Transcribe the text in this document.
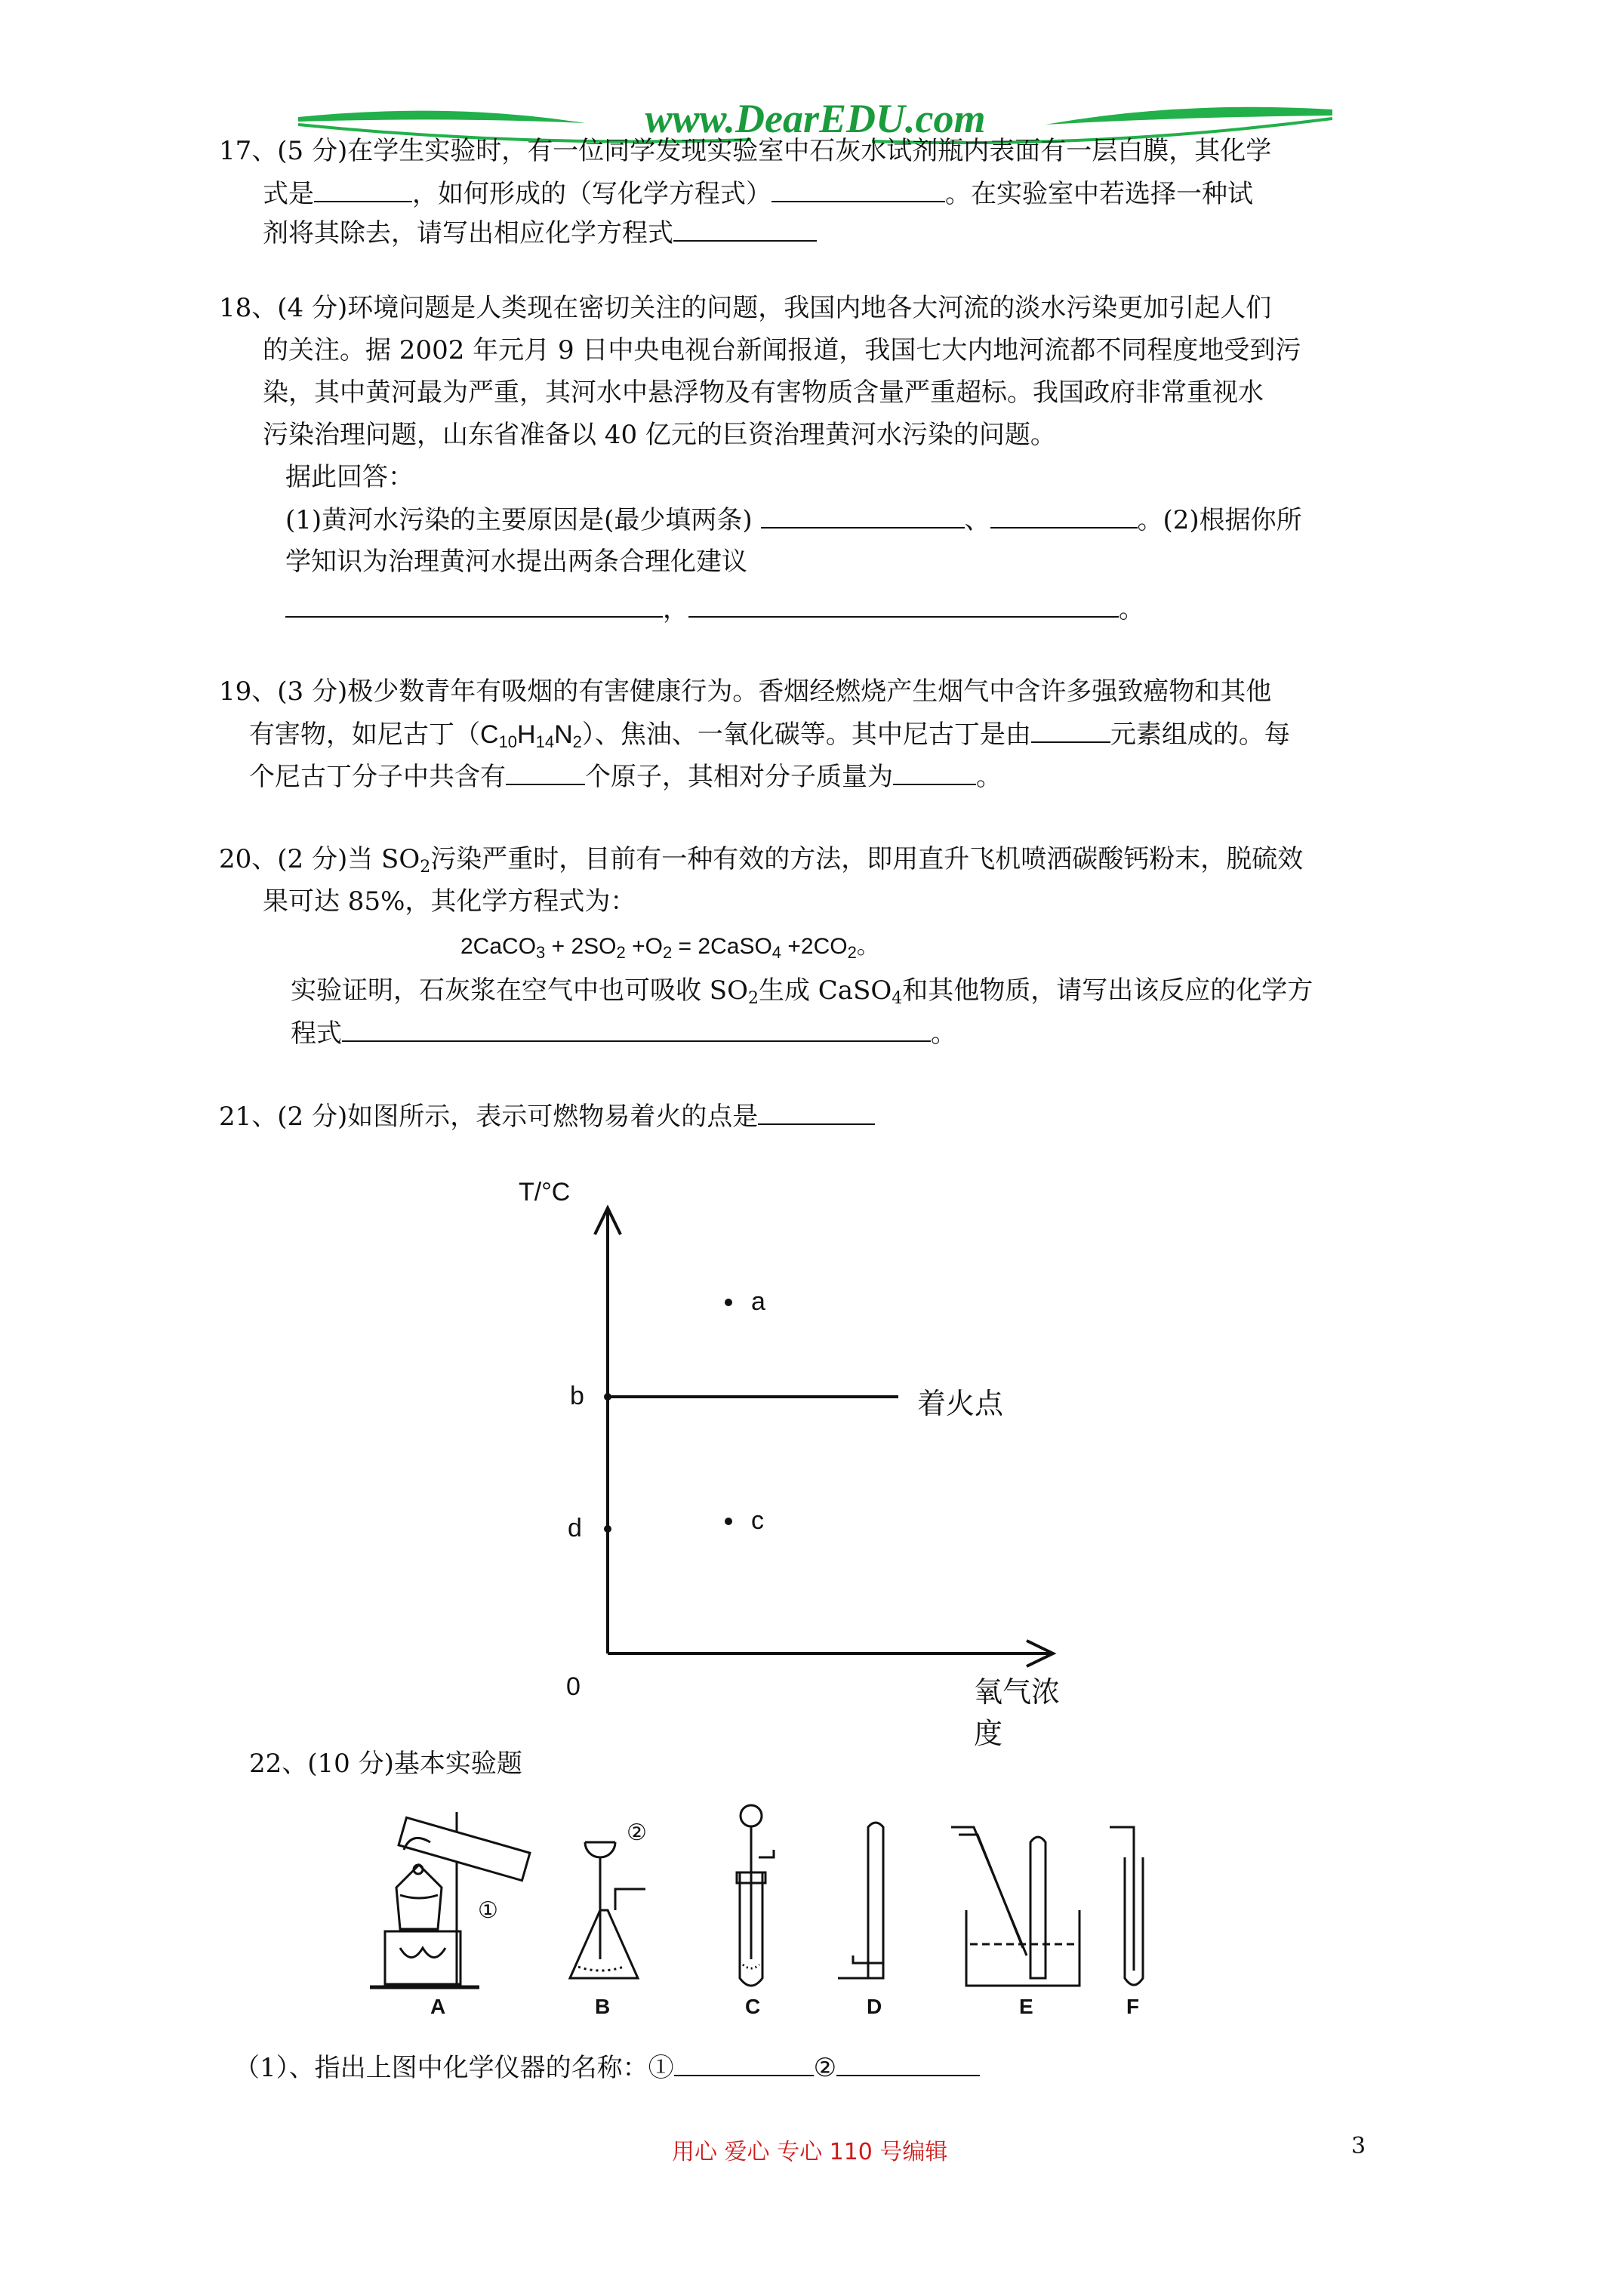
www.DearEDU.com
17、(5 分)在学生实验时，有一位同学发现实验室中石灰水试剂瓶内表面有一层白膜，其化学
式是	，如何形成的（写化学方程式）	。在实验室中若选择一种试
剂将其除去，请写出相应化学方程式
18、(4 分)环境问题是人类现在密切关注的问题，我国内地各大河流的淡水污染更加引起人们
的关注。据 2002 年元月 9 日中央电视台新闻报道，我国七大内地河流都不同程度地受到污
染，其中黄河最为严重，其河水中悬浮物及有害物质含量严重超标。我国政府非常重视水
污染治理问题，山东省准备以 40 亿元的巨资治理黄河水污染的问题。
据此回答：
(1)黄河水污染的主要原因是(最少填两条)	、	。(2)根据你所
学知识为治理黄河水提出两条合理化建议
，	。
19、(3 分)极少数青年有吸烟的有害健康行为。香烟经燃烧产生烟气中含许多强致癌物和其他
有害物，如尼古丁$(C_{10}H_{14}N_2)$、焦油、一氧化碳等。其中尼古丁是由	元素组成的。每
个尼古丁分子中共含有	个原子，其相对分子质量为	。
20、(2 分)当 $SO_2$污染严重时，目前有一种有效的方法，即用直升飞机喷洒碳酸钙粉末，脱硫效
果可达 85%，其化学方程式为：
2CaCO$_3$ + $2SO_2 +O_2$ = 2CaSO$_4$ $+2CO_2$。
实验证明，石灰浆在空气中也可吸收 $SO_2$生成 CaSO$_4$和其他物质，请写出该反应的化学方
程式	。
21、(2 分)如图所示，表示可燃物易着火的点是
T/°C
a
b	着火点
c
d
0	氧气浓度
22、(10 分)基本实验题
①
②
A	B	C	D	E	F
（1）、指出上图中化学仪器的名称：①	②
用心 爱心 专心 110 号编辑	3
